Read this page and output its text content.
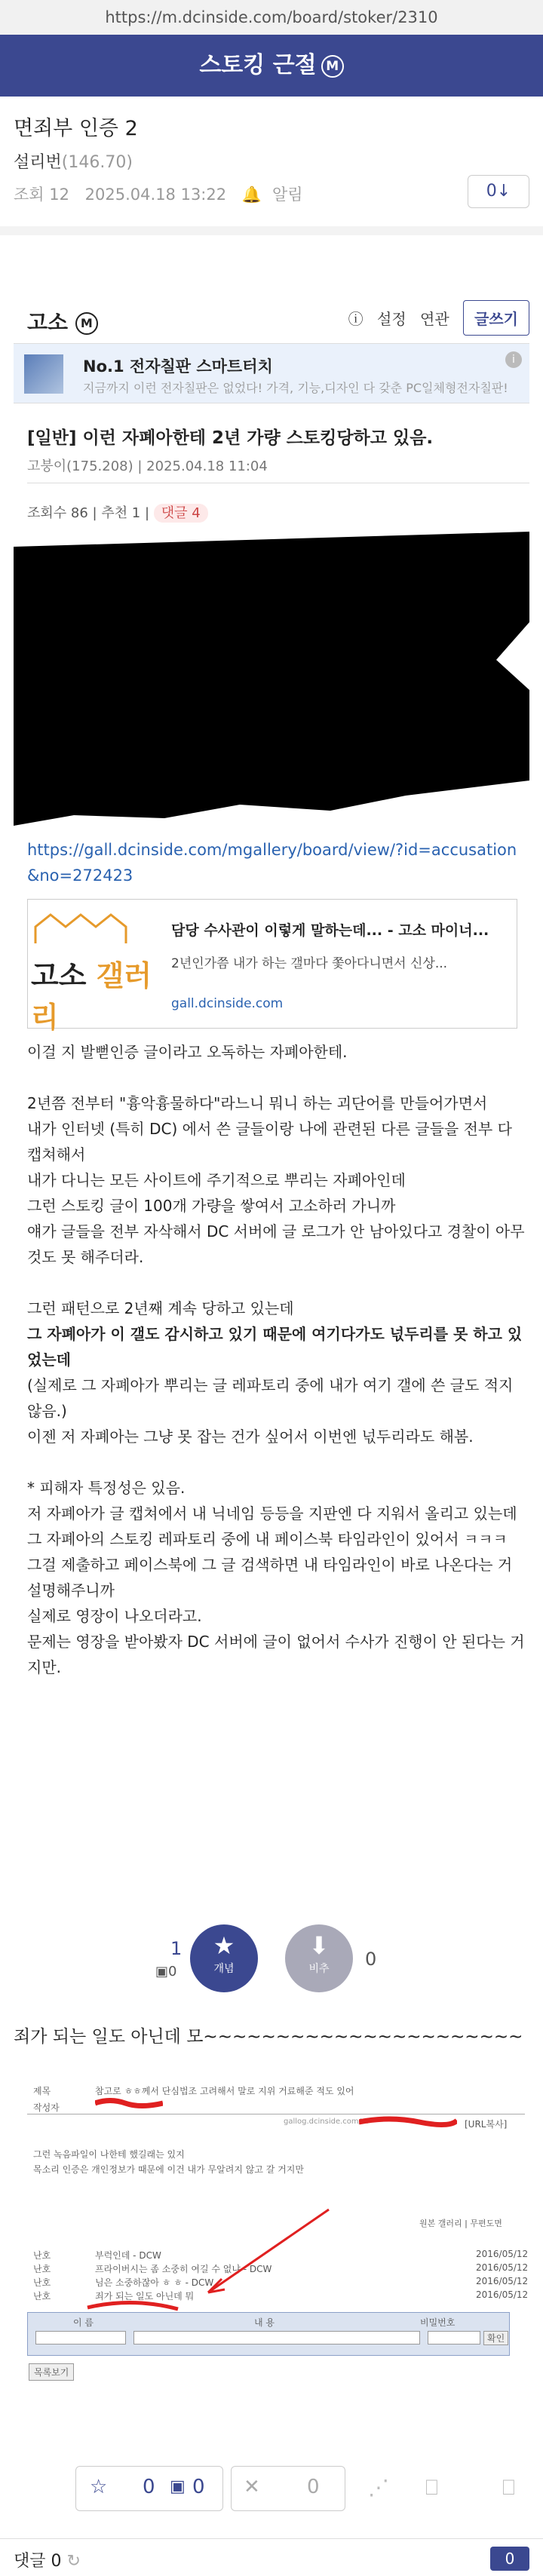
https://m.dcinside.com/board/stoker/2310
스토킹 근절 M
면죄부 인증 2
설리번(146.70)
조회 12 2025.04.18 13:22 🔔 알림	0↓
고소 M	ⓘ 설정 연관 글쓰기
No.1 전자칠판 스마트터치
지금까지 이런 전자칠판은 없었다! 가격, 기능,디자인 다 갖춘 PC일체형전자칠판!
i
[일반] 이런 자폐아한테 2년 가량 스토킹당하고 있음.
고붕이(175.208) | 2025.04.18 11:04
조회수 86 | 추천 1 | 댓글 4
https://gall.dcinside.com/mgallery/board/view/?id=accusation&no=272423
고소 갤러리
담당 수사관이 이렇게 말하는데... - 고소 마이너...
2년인가쯤 내가 하는 갤마다 쫓아다니면서 신상...
gall.dcinside.com

이걸 지 발뻗인증 글이라고 오독하는 자폐아한테.

2년쯤 전부터 "흉악흉물하다"라느니 뭐니 하는 괴단어를 만들어가면서

내가 인터넷 (특히 DC) 에서 쓴 글들이랑 나에 관련된 다른 글들을 전부 다 캡쳐해서

내가 다니는 모든 사이트에 주기적으로 뿌리는 자폐아인데

그런 스토킹 글이 100개 가량을 쌓여서 고소하러 가니까

얘가 글들을 전부 자삭해서 DC 서버에 글 로그가 안 남아있다고 경찰이 아무것도 못 해주더라.

그런 패턴으로 2년째 계속 당하고 있는데

그 자폐아가 이 갤도 감시하고 있기 때문에 여기다가도 넋두리를 못 하고 있었는데

(실제로 그 자폐아가 뿌리는 글 레파토리 중에 내가 여기 갤에 쓴 글도 적지 않음.)

이젠 저 자폐아는 그냥 못 잡는 건가 싶어서 이번엔 넋두리라도 해봄.

* 피해자 특정성은 있음.

저 자폐아가 글 캡쳐에서 내 닉네임 등등을 지판엔 다 지워서 올리고 있는데

그 자폐아의 스토킹 레파토리 중에 내 페이스북 타임라인이 있어서 ㅋㅋㅋ

그걸 제출하고 페이스북에 그 글 검색하면 내 타임라인이 바로 나온다는 거 설명해주니까

실제로 영장이 나오더라고.

문제는 영장을 받아봤자 DC 서버에 글이 없어서 수사가 진행이 안 된다는 거지만.

1
▣0
★
개념
⬇
비추	0
죄가 되는 일도 아닌데 모~~~~~~~~~~~~~~~~~~~~~~
제목	참고로 ㅎㅎ께서 단심법조 고려해서 말로 지위 거료해준 적도 있어
작성자
gallog.dcinside.com/...	[URL복사]
그런 녹음파일이 나한테 했길래는 있지
목소리 인증은 개인정보가 때문에 이건 내가 무알려지 않고 갈 거지만
원본 갤러리 | 무편도면
난호	부럭인데 - DCW	2016/05/12
난호	프라이버시는 좀 소중히 여길 수 없냐 - DCW	2016/05/12
난호	님은 소중하잖아 ㅎ ㅎ - DCW	2016/05/12
난호	죄가 되는 일도 아닌데 뭐	2016/05/12
이 름	내 용	비밀번호
확인
목록보기
☆ 0 ▣ 0 ✕ 0 ⋰ ⎕	⎕
댓글 0 ↻	0
